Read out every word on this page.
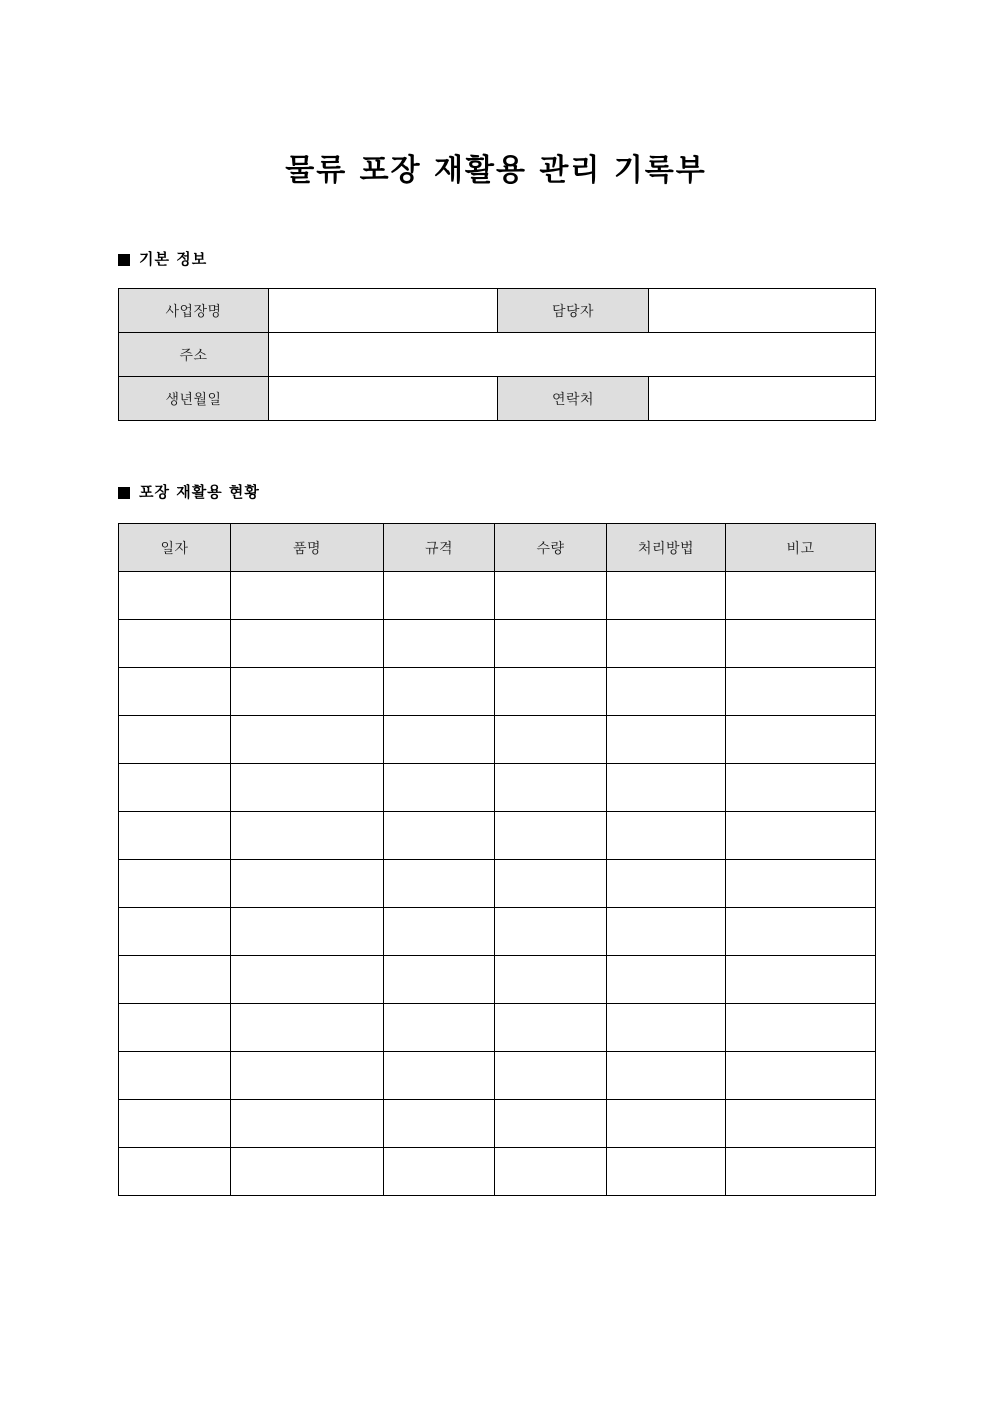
물류 포장 재활용 관리 기록부
기본 정보
사업장명		담당자	
주소			
생년월일		연락처	
포장 재활용 현황
일자	품명	규격	수량	처리방법	비고
